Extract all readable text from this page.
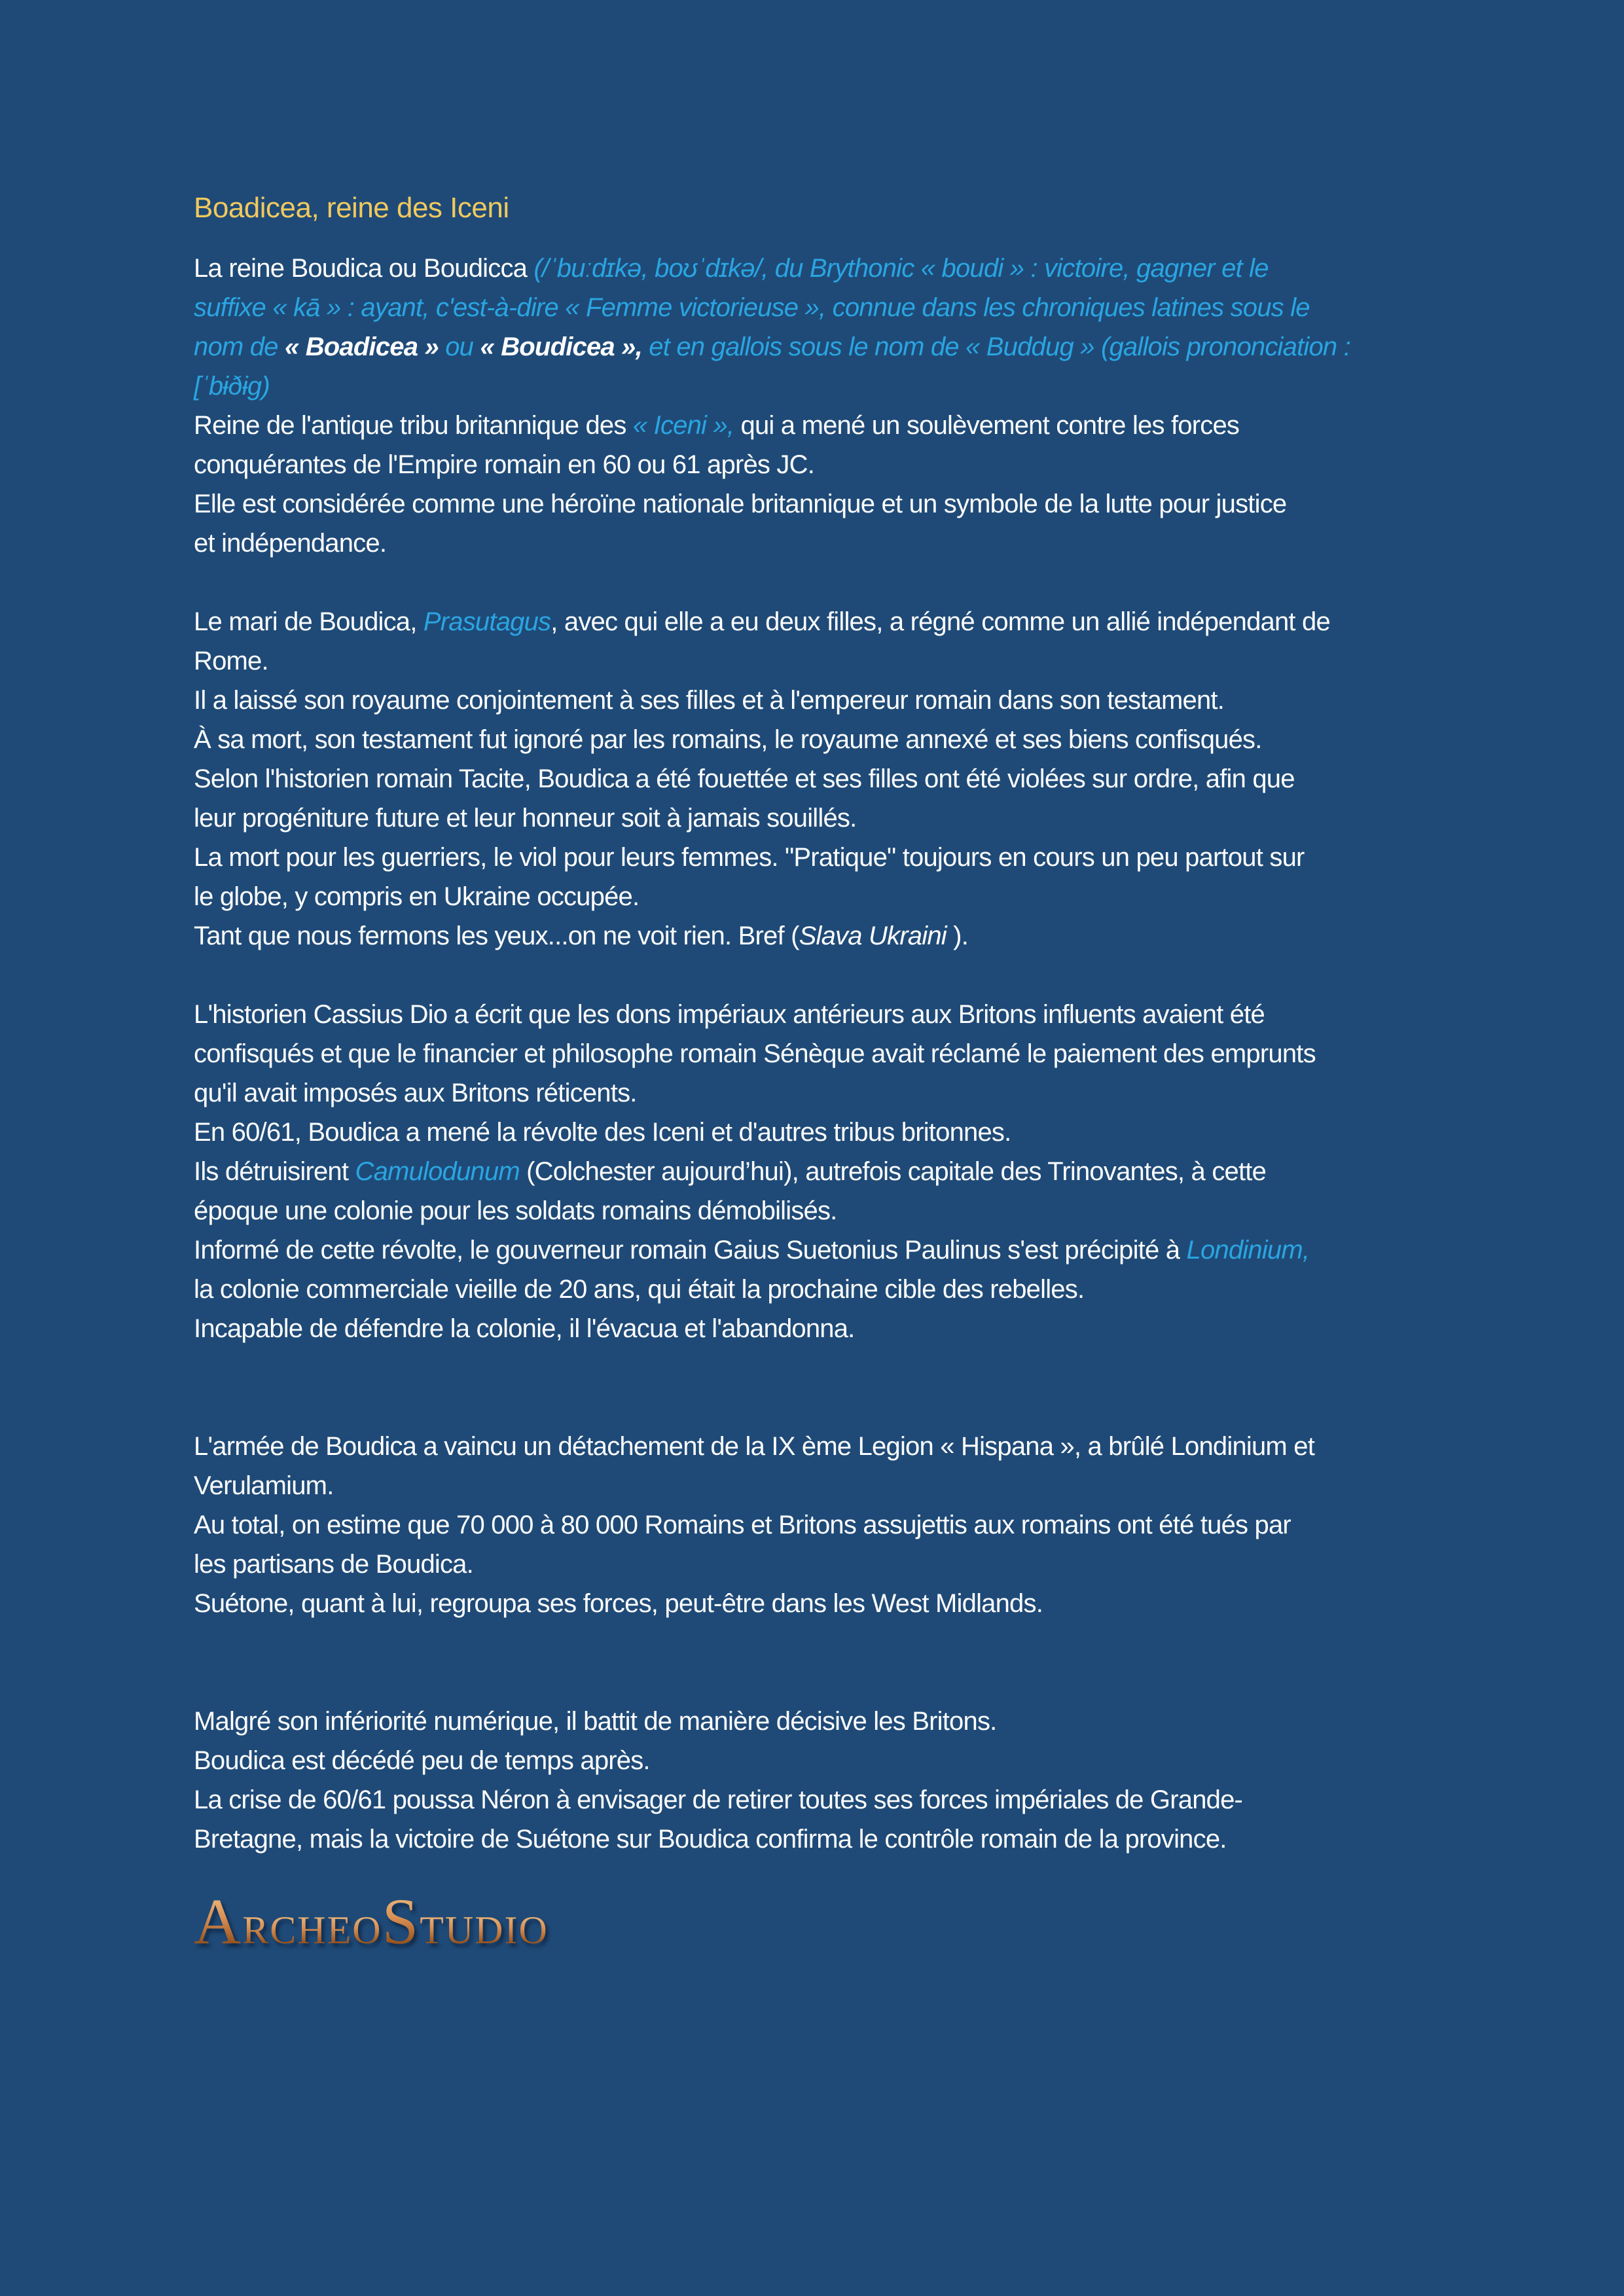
Boadicea, reine des Iceni
La reine Boudica ou Boudicca (/ˈbuːdɪkə, boʊˈdɪkə/, du Brythonic « boudi » : victoire, gagner et le
suffixe « kā » : ayant, c'est-à-dire « Femme victorieuse », connue dans les chroniques latines sous le
nom de « Boadicea » ou « Boudicea », et en gallois sous le nom de « Buddug » (gallois prononciation :
[ˈbɨðɨg)
Reine de l'antique tribu britannique des « Iceni », qui a mené un soulèvement contre les forces
conquérantes de l'Empire romain en 60 ou 61 après JC.
Elle est considérée comme une héroïne nationale britannique et un symbole de la lutte pour justice
et indépendance.

Le mari de Boudica, Prasutagus, avec qui elle a eu deux filles, a régné comme un allié indépendant de
Rome.
Il a laissé son royaume conjointement à ses filles et à l'empereur romain dans son testament.
À sa mort, son testament fut ignoré par les romains, le royaume annexé et ses biens confisqués.
Selon l'historien romain Tacite, Boudica a été fouettée et ses filles ont été violées sur ordre, afin que
leur progéniture future et leur honneur soit à jamais souillés.
La mort pour les guerriers, le viol pour leurs femmes. "Pratique" toujours en cours un peu partout sur
le globe, y compris en Ukraine occupée.
Tant que nous fermons les yeux...on ne voit rien. Bref (Slava Ukraini ).

L'historien Cassius Dio a écrit que les dons impériaux antérieurs aux Britons influents avaient été
confisqués et que le financier et philosophe romain Sénèque avait réclamé le paiement des emprunts
qu'il avait imposés aux Britons réticents.
En 60/61, Boudica a mené la révolte des Iceni et d'autres tribus britonnes.
Ils détruisirent Camulodunum (Colchester aujourd’hui), autrefois capitale des Trinovantes, à cette
époque une colonie pour les soldats romains démobilisés.
Informé de cette révolte, le gouverneur romain Gaius Suetonius Paulinus s'est précipité à Londinium,
la colonie commerciale vieille de 20 ans, qui était la prochaine cible des rebelles.
Incapable de défendre la colonie, il l'évacua et l'abandonna.

L'armée de Boudica a vaincu un détachement de la IX ème Legion « Hispana », a brûlé Londinium et
Verulamium.
Au total, on estime que 70 000 à 80 000 Romains et Britons assujettis aux romains ont été tués par
les partisans de Boudica.
Suétone, quant à lui, regroupa ses forces, peut-être dans les West Midlands.

Malgré son infériorité numérique, il battit de manière décisive les Britons.
Boudica est décédé peu de temps après.
La crise de 60/61 poussa Néron à envisager de retirer toutes ses forces impériales de Grande-
Bretagne, mais la victoire de Suétone sur Boudica confirma le contrôle romain de la province.
ARCHEOSTUDIO
